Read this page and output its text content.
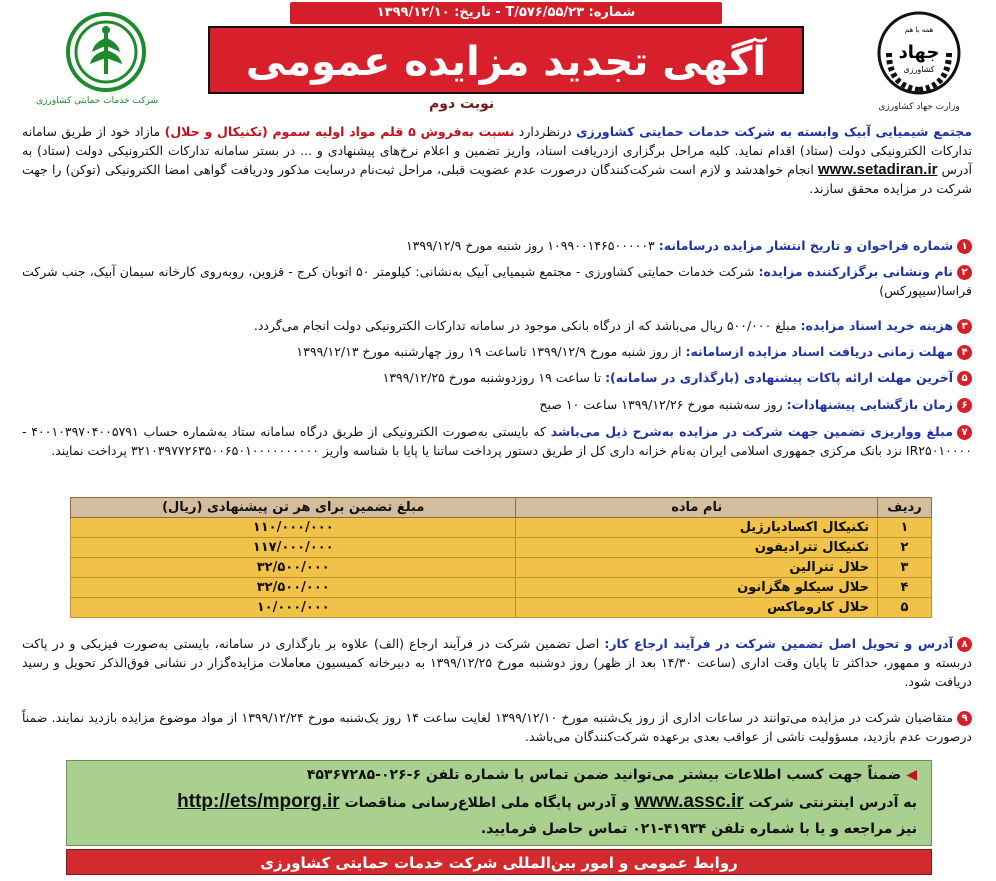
شرکت خدمات حمایتی کشاورزی
شماره: ۵۵/۲۳/T/۵۷۶ - تاریخ: ۱۳۹۹/۱۲/۱۰
آگهی تجدید مزایده عمومی
نوبت دوم
همه با هم
جهاد
کشاورزی
وزارت جهاد کشاورزی
مجتمع شیمیایی آبیک وابسته به شرکت خدمات حمایتی کشاورزی درنظردارد نسبت به‌فروش ۵ قلم مواد اولیه سموم (تکنیکال و حلال) مازاد خود از طریق سامانه تدارکات الکترونیکی دولت (ستاد) اقدام نماید. کلیه مراحل برگزاری ازدریافت اسناد، واریز تضمین و اعلام نرخ‌های پیشنهادی و ... در بستر سامانه تدارکات الکترونیکی دولت (ستاد) به آدرس www.setadiran.ir انجام خواهدشد و لازم است شرکت‌کنندگان درصورت عدم عضویت قبلی، مراحل ثبت‌نام درسایت مذکور ودریافت گواهی امضا الکترونیکی (توکن) را جهت شرکت در مزایده محقق سازند.
۱شماره فراخوان و تاریخ انتشار مزایده درسامانه: ۱۰۹۹۰۰۱۴۶۵۰۰۰۰۰۳ روز شنبه مورخ ۱۳۹۹/۱۲/۹
۲نام ونشانی برگزارکننده مزایده: شرکت خدمات حمایتی کشاورزی - مجتمع شیمیایی آبیک به‌نشانی: کیلومتر ۵۰ اتوبان کرج - قزوین، روبه‌روی کارخانه سیمان آبیک، جنب شرکت فراسا(سیپورکس)
۳هزینه خرید اسناد مزایده: مبلغ ۵۰۰/۰۰۰ ریال می‌باشد که از درگاه بانکی موجود در سامانه تدارکات الکترونیکی دولت انجام می‌گردد.
۴مهلت زمانی دریافت اسناد مزایده ازسامانه: از روز شنبه مورخ ۱۳۹۹/۱۲/۹ تاساعت ۱۹ روز چهارشنبه مورخ ۱۳۹۹/۱۲/۱۳
۵آخرین مهلت ارائه پاکات پیشنهادی (بارگذاری در سامانه): تا ساعت ۱۹ روزدوشنبه مورخ ۱۳۹۹/۱۲/۲۵
۶زمان بازگشایی پیشنهادات: روز سه‌شنبه مورخ ۱۳۹۹/۱۲/۲۶ ساعت ۱۰ صبح
۷مبلغ وواریزی تضمین جهت شرکت در مزایده به‌شرح ذیل می‌باشد که بایستی به‌صورت الکترونیکی از طریق درگاه سامانه ستاد به‌شماره حساب ۴۰۰۱۰۳۹۷۰۴۰۰۵۷۹۱ - IR۲۵۰۱۰۰۰۰ نزد بانک مرکزی جمهوری اسلامی ایران به‌نام خزانه داری کل از طریق دستور پرداخت ساتنا یا پایا با شناسه واریز ۳۲۱۰۳۹۷۷۲۶۳۵۰۰۶۵۰۱۰۰۰۰۰۰۰۰۰۰ پرداخت نمایند.
ردیف	نام ماده	مبلغ تضمین برای هر تن پیشنهادی (ریال)
۱	تکنیکال اکسادیارژیل	۱۱۰/۰۰۰/۰۰۰
۲	تکنیکال تترادیفون	۱۱۷/۰۰۰/۰۰۰
۳	حلال تترالین	۳۲/۵۰۰/۰۰۰
۴	حلال سیکلو هگزانون	۳۲/۵۰۰/۰۰۰
۵	حلال کاروماکس	۱۰/۰۰۰/۰۰۰
۸آدرس و تحویل اصل تضمین شرکت در فرآیند ارجاع کار: اصل تضمین شرکت در فرآیند ارجاع (الف) علاوه بر بارگذاری در سامانه، بایستی به‌صورت فیزیکی و در پاکت دربسته و ممهور، حداکثر تا پایان وقت اداری (ساعت ۱۴/۳۰ بعد از ظهر) روز دوشنبه مورخ ۱۳۹۹/۱۲/۲۵ به دبیرخانه کمیسیون معاملات مزایده‌گزار در نشانی فوق‌الذکر تحویل و رسید دریافت شود.
۹متقاضیان شرکت در مزایده می‌توانند در ساعات اداری از روز یک‌شنبه مورخ ۱۳۹۹/۱۲/۱۰ لغایت ساعت ۱۴ روز یک‌شنبه مورخ ۱۳۹۹/۱۲/۲۴ از مواد موضوع مزایده بازدید نمایند. ضمناً درصورت عدم بازدید، مسؤولیت ناشی از عواقب بعدی برعهده شرکت‌کنندگان می‌باشد.
◀ ضمناً جهت کسب اطلاعات بیشتر می‌توانید ضمن تماس با شماره تلفن ۶-۰۲۶-۴۵۳۶۷۲۸۵
به آدرس اینترنتی شرکت www.assc.ir و آدرس پایگاه ملی اطلاع‌رسانی مناقصات http://ets/mporg.ir
نیز مراجعه و یا با شماره تلفن ۴۱۹۳۴-۰۲۱ تماس حاصل فرمایید.
روابط عمومی و امور بین‌المللی شرکت خدمات حمایتی کشاورزی
